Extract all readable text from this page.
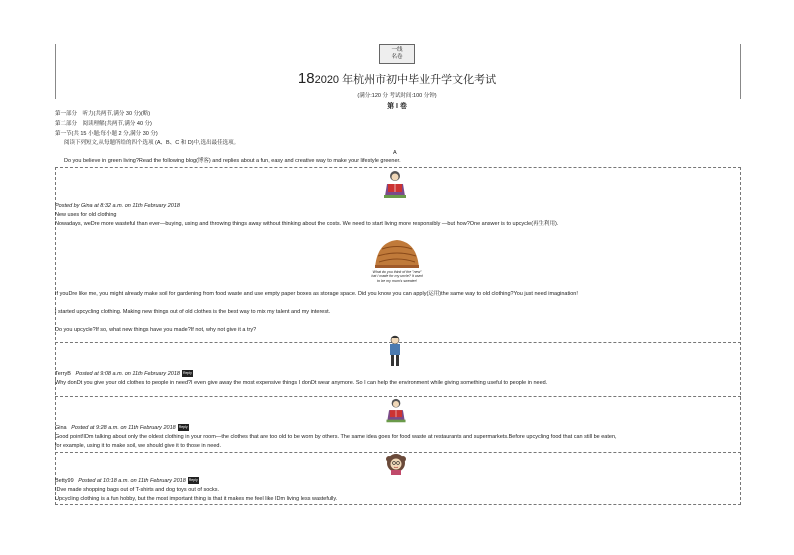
一线
名卷
182020 年杭州市初中毕业升学文化考试
(满分:120 分 考试时间:100 分钟)
第 I 卷
第一部分　听力(共两节,满分 30 分)(略)
第二部分　阅读理解(共两节,满分 40 分)
第一节(共 15 小题;每小题 2 分,满分 30 分)
阅读下列短文,从每题所给的四个选项 (A、B、C 和 D)中,选出最佳选项。
A
Do you believe in green living?Read the following blog(博客) and replies about a fun, easy and creative way to make your lifestyle greener.
Posted by Gina at 8:32 a.m. on 11th February 2018
New uses for old clothing
Nowadays, weDre more wasteful than ever—buying, using and throwing things away without thinking about the costs. We need to start living more responsibly —but how?One answer is to upcycle(再生利用).
What do you think of the "new" hat I made for my uncle? It used to be my mum's sweater!
If youDre like me, you might already make soil for gardening from food waste and use empty paper boxes as storage space. Did you know you can apply(运用)the same way to old clothing?You just need imagination!
I started upcycling clothing. Making new things out of old clothes is the best way to mix my talent and my interest.
Do you upcycle?If so, what new things have you made?If not, why not give it a try?
TerryB Posted at 9:08 a.m. on 11th February 2018 Reply
Why donDt you give your old clothes to people in need?I even give away the most expensive things I donDt wear anymore. So I can help the environment while giving something useful to people in need.
Gina Posted at 9:28 a.m. on 11th February 2018 Reply
Good point!IDm talking about only the oldest clothing in your room—the clothes that are too old to be worn by others. The same idea goes for food waste at restaurants and supermarkets.Before upcycling food that can still be eaten,
for example, using it to make soil, we should give it to those in need.
Betty99 Posted at 10:18 a.m. on 11th February 2018 Reply
IDve made shopping bags out of T-shirts and dog toys out of socks.
Upcycling clothing is a fun hobby, but the most important thing is that it makes me feel like IDm living less wastefully.
